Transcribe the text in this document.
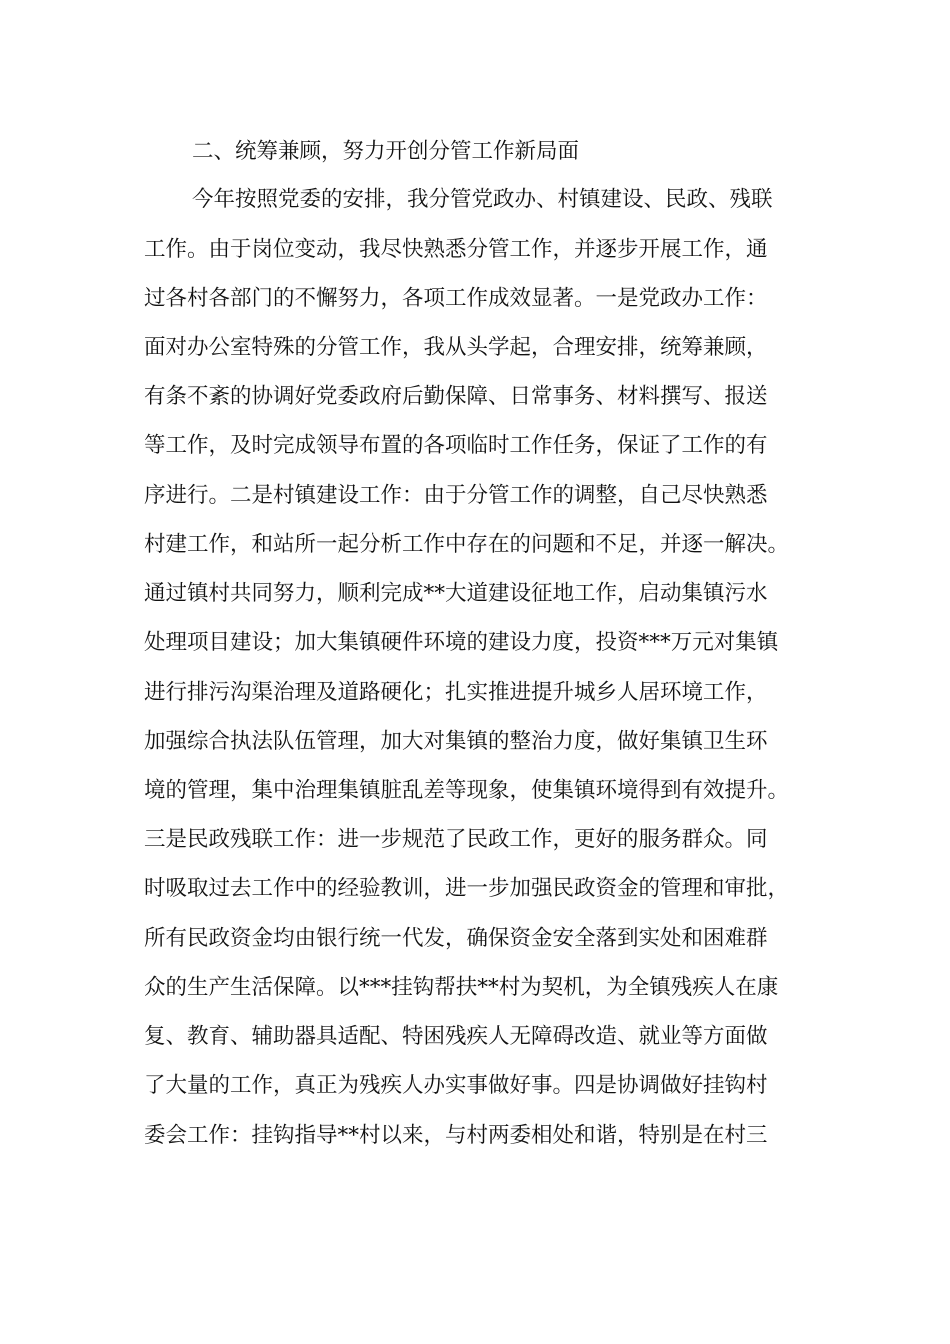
二、统筹兼顾，努力开创分管工作新局面
今年按照党委的安排，我分管党政办、村镇建设、民政、残联
工作。由于岗位变动，我尽快熟悉分管工作，并逐步开展工作，通
过各村各部门的不懈努力，各项工作成效显著。一是党政办工作：
面对办公室特殊的分管工作，我从头学起，合理安排，统筹兼顾，
有条不紊的协调好党委政府后勤保障、日常事务、材料撰写、报送
等工作，及时完成领导布置的各项临时工作任务，保证了工作的有
序进行。二是村镇建设工作：由于分管工作的调整，自己尽快熟悉
村建工作，和站所一起分析工作中存在的问题和不足，并逐一解决。
通过镇村共同努力，顺利完成**大道建设征地工作，启动集镇污水
处理项目建设；加大集镇硬件环境的建设力度，投资***万元对集镇
进行排污沟渠治理及道路硬化；扎实推进提升城乡人居环境工作，
加强综合执法队伍管理，加大对集镇的整治力度，做好集镇卫生环
境的管理，集中治理集镇脏乱差等现象，使集镇环境得到有效提升。
三是民政残联工作：进一步规范了民政工作，更好的服务群众。同
时吸取过去工作中的经验教训，进一步加强民政资金的管理和审批，
所有民政资金均由银行统一代发，确保资金安全落到实处和困难群
众的生产生活保障。以***挂钩帮扶**村为契机，为全镇残疾人在康
复、教育、辅助器具适配、特困残疾人无障碍改造、就业等方面做
了大量的工作，真正为残疾人办实事做好事。四是协调做好挂钩村
委会工作：挂钩指导**村以来，与村两委相处和谐，特别是在村三
